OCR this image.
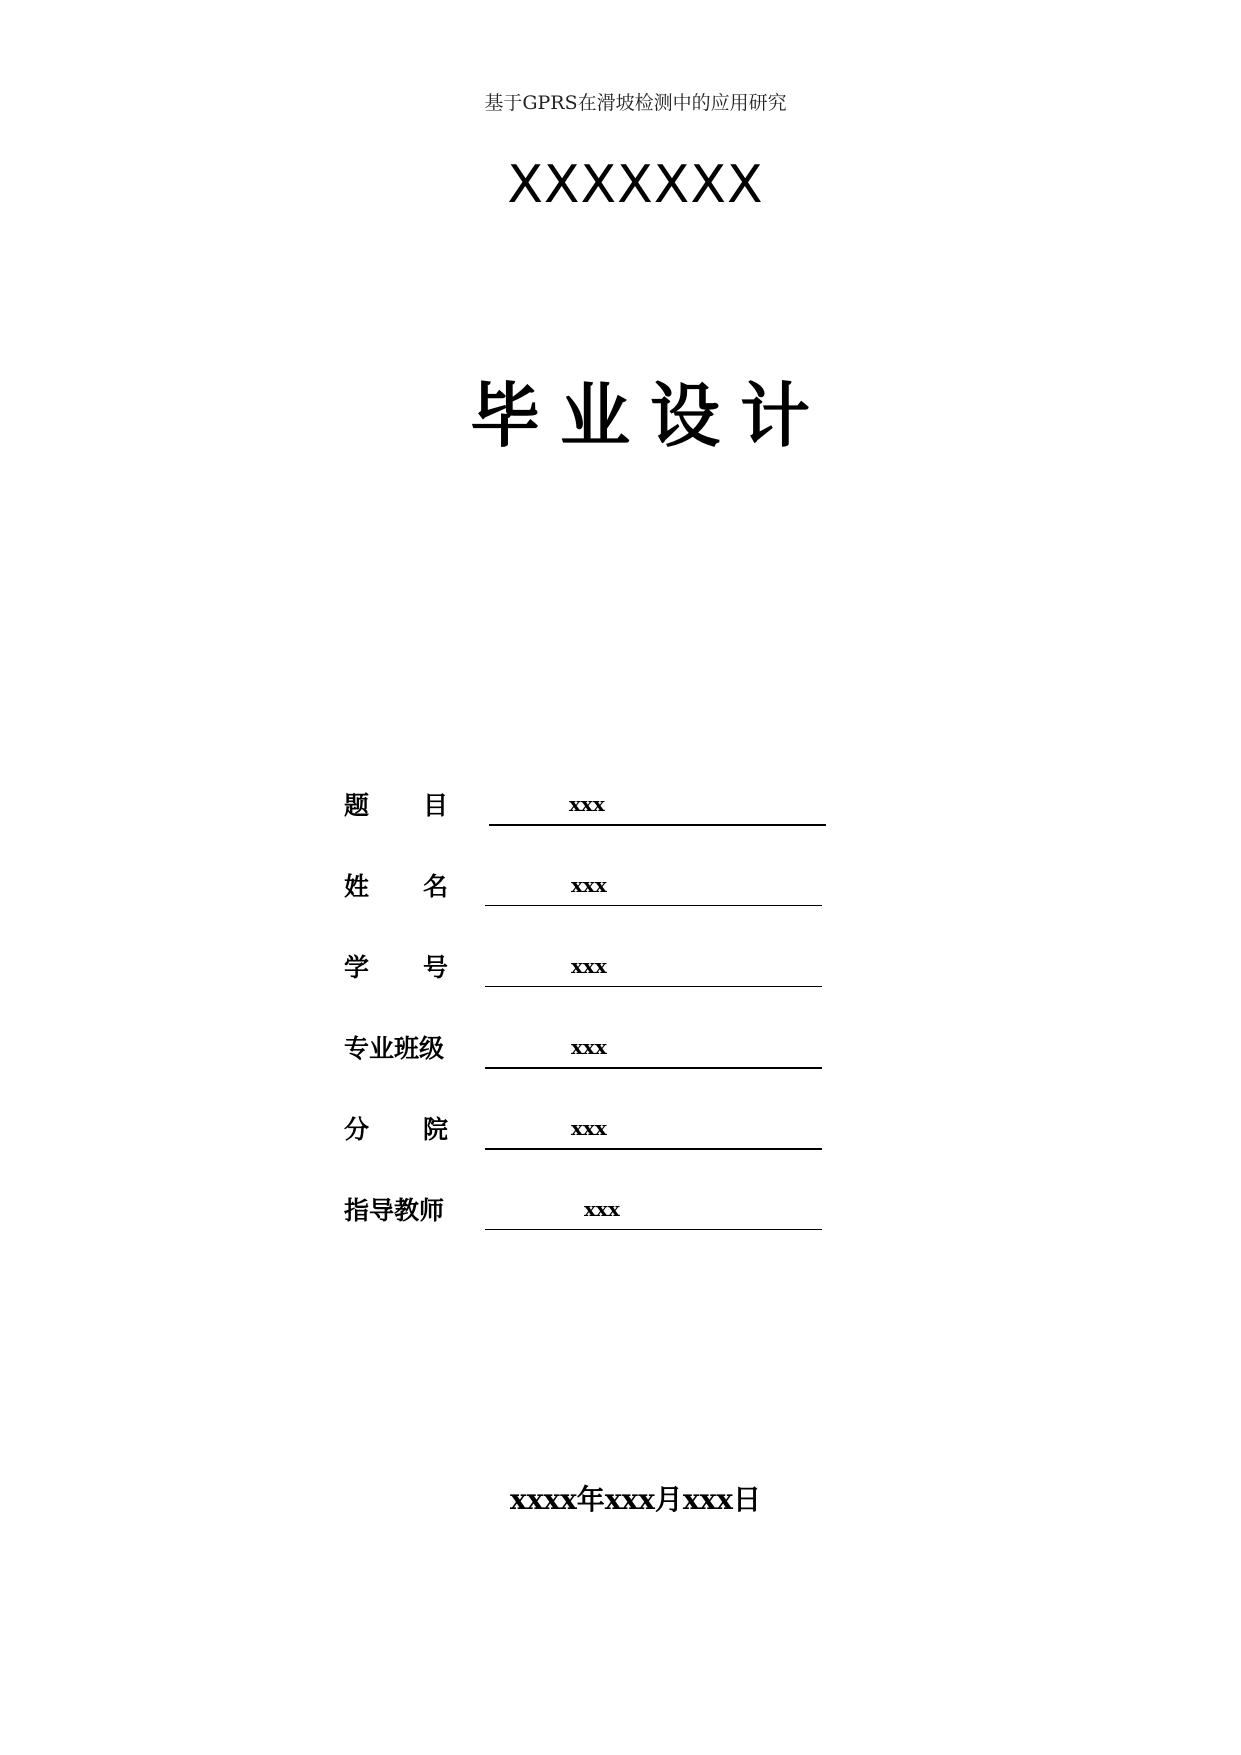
基于GPRS在滑坡检测中的应用研究
XXXXXXX
毕业设计
题 目	xxx
姓 名	xxx
学 号	xxx
专业班级	xxx
分 院	xxx
指导教师	xxx
xxxx年xxx月xxx日
